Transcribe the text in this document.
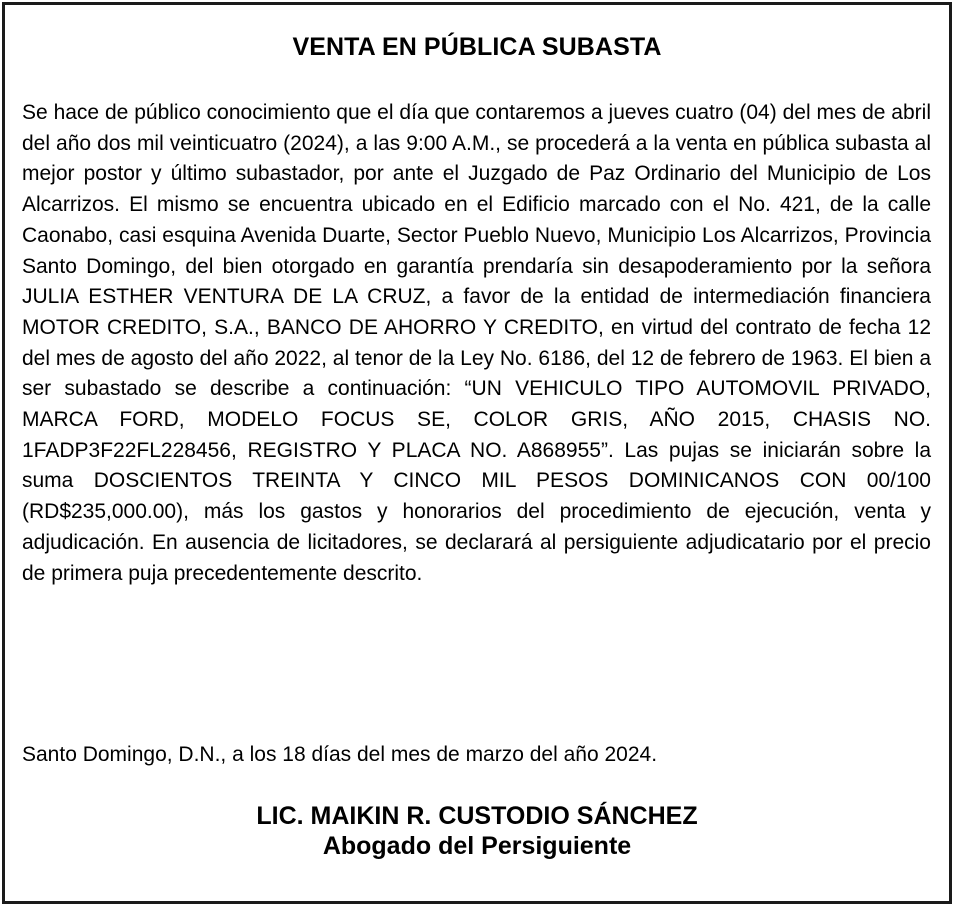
VENTA EN PÚBLICA SUBASTA

Se hace de público conocimiento que el día que contaremos a jueves cuatro (04) del mes de abril del año dos mil veinticuatro (2024), a las 9:00 A.M., se procederá a la venta en pública subasta al mejor postor y último subastador, por ante el Juzgado de Paz Ordinario del Municipio de Los Alcarrizos. El mismo se encuentra ubicado en el Edificio marcado con el No. 421, de la calle Caonabo, casi esquina Avenida Duarte, Sector Pueblo Nuevo, Municipio Los Alcarrizos, Provincia Santo Domingo, del bien otorgado en garantía prendaría sin desapoderamiento por la señora JULIA ESTHER VENTURA DE LA CRUZ, a favor de la entidad de intermediación financiera MOTOR CREDITO, S.A., BANCO DE AHORRO Y CREDITO, en virtud del contrato de fecha 12 del mes de agosto del año 2022, al tenor de la Ley No. 6186, del 12 de febrero de 1963. El bien a ser subastado se describe a continuación: “UN VEHICULO TIPO AUTOMOVIL PRIVADO, MARCA FORD, MODELO FOCUS SE, COLOR GRIS, AÑO 2015, CHASIS NO. 1FADP3F22FL228456, REGISTRO Y PLACA NO. A868955”. Las pujas se iniciarán sobre la suma DOSCIENTOS TREINTA Y CINCO MIL PESOS DOMINICANOS CON 00/100 (RD$235,000.00), más los gastos y honorarios del procedimiento de ejecución, venta y adjudicación. En ausencia de licitadores, se declarará al persiguiente adjudicatario por el precio de primera puja precedentemente descrito.

Santo Domingo, D.N., a los 18 días del mes de marzo del año 2024.

LIC. MAIKIN R. CUSTODIO SÁNCHEZ
Abogado del Persiguiente
